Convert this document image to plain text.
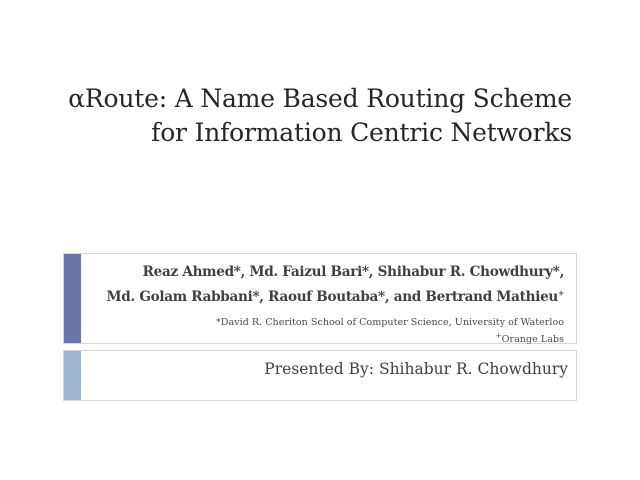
αRoute: A Name Based Routing Scheme
for Information Centric Networks
Reaz Ahmed*, Md. Faizul Bari*, Shihabur R. Chowdhury*,
Md. Golam Rabbani*, Raouf Boutaba*, and Bertrand Mathieu+
*David R. Cheriton School of Computer Science, University of Waterloo
+Orange Labs
Presented By: Shihabur R. Chowdhury
